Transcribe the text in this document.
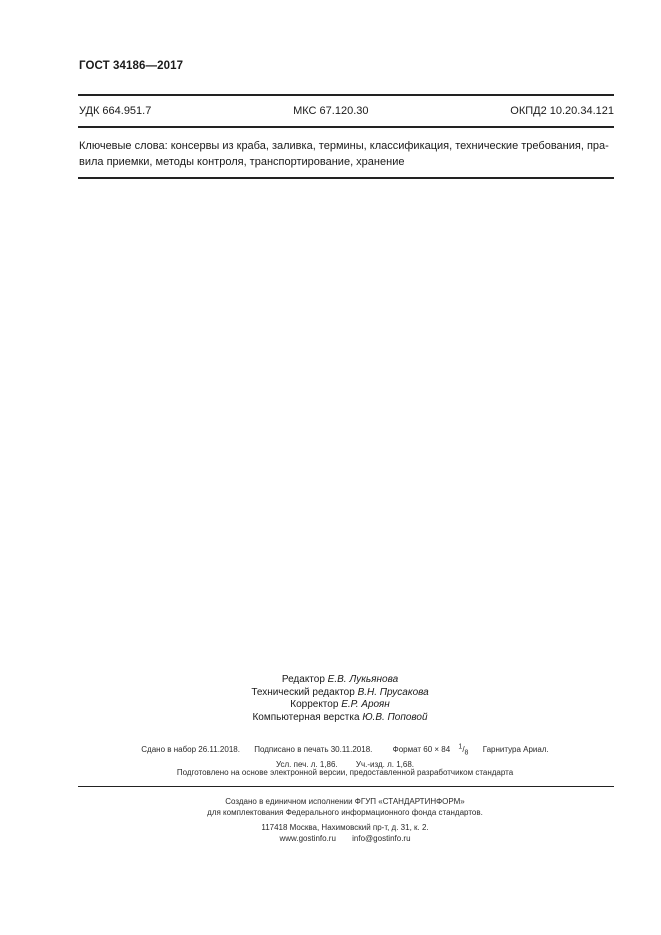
ГОСТ 34186—2017
УДК 664.951.7	МКС 67.120.30	ОКПД2 10.20.34.121
Ключевые слова: консервы из краба, заливка, термины, классификация, технические требования, пра-
вила приемки, методы контроля, транспортирование, хранение
Редактор Е.В. Лукьянова
Технический редактор В.Н. Прусакова
Корректор Е.Р. Ароян
Компьютерная верстка Ю.В. Поповой
Сдано в набор 26.11.2018. Подписано в печать 30.11.2018.	Формат 60 × 84 $^1/_8$ Гарнитура Ариал.
Усл. печ. л. 1,86. Уч.-изд. л. 1,68.
Подготовлено на основе электронной версии, предоставленной разработчиком стандарта
Создано в единичном исполнении ФГУП «СТАНДАРТИНФОРМ»
для комплектования Федерального информационного фонда стандартов.
117418 Москва, Нахимовский пр-т, д. 31, к. 2.
www.gostinfo.ru info@gostinfo.ru
